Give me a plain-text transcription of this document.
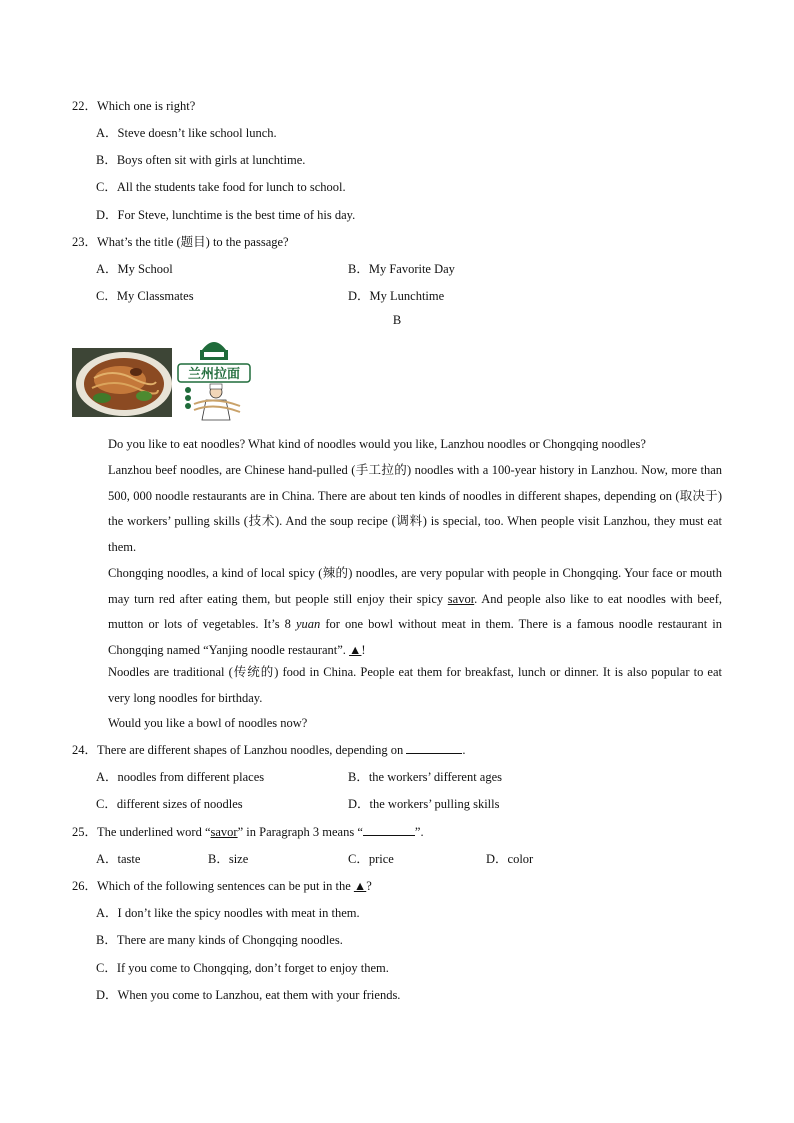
22．Which one is right?
A．Steve doesn’t like school lunch.
B．Boys often sit with girls at lunchtime.
C．All the students take food for lunch to school.
D．For Steve, lunchtime is the best time of his day.
23．What’s the title (题目) to the passage?
A．My School	B．My Favorite Day
C．My Classmates	D．My Lunchtime
B
兰州拉面
Do you like to eat noodles? What kind of noodles would you like, Lanzhou noodles or Chongqing noodles?
Lanzhou beef noodles, are Chinese hand-pulled (手工拉的) noodles with a 100-year history in Lanzhou. Now, more than 500, 000 noodle restaurants are in China. There are about ten kinds of noodles in different shapes, depending on (取决于) the workers’ pulling skills (技术). And the soup recipe (调料) is special, too. When people visit Lanzhou, they must eat them.
Chongqing noodles, a kind of local spicy (辣的) noodles, are very popular with people in Chongqing. Your face or mouth may turn red after eating them, but people still enjoy their spicy savor. And people also like to eat noodles with beef, mutton or lots of vegetables. It’s 8 yuan for one bowl without meat in them. There is a famous noodle restaurant in Chongqing named “Yanjing noodle restaurant”. ▲!
Noodles are traditional (传统的) food in China. People eat them for breakfast, lunch or dinner. It is also popular to eat very long noodles for birthday.
Would you like a bowl of noodles now?
24．There are different shapes of Lanzhou noodles, depending on	.
A．noodles from different places	B．the workers’ different ages
C．different sizes of noodles	D．the workers’ pulling skills
25．The underlined word “savor” in Paragraph 3 means “	”.
A．taste	B．size	C．price	D．color
26．Which of the following sentences can be put in the ▲?
A．I don’t like the spicy noodles with meat in them.
B．There are many kinds of Chongqing noodles.
C．If you come to Chongqing, don’t forget to enjoy them.
D．When you come to Lanzhou, eat them with your friends.
